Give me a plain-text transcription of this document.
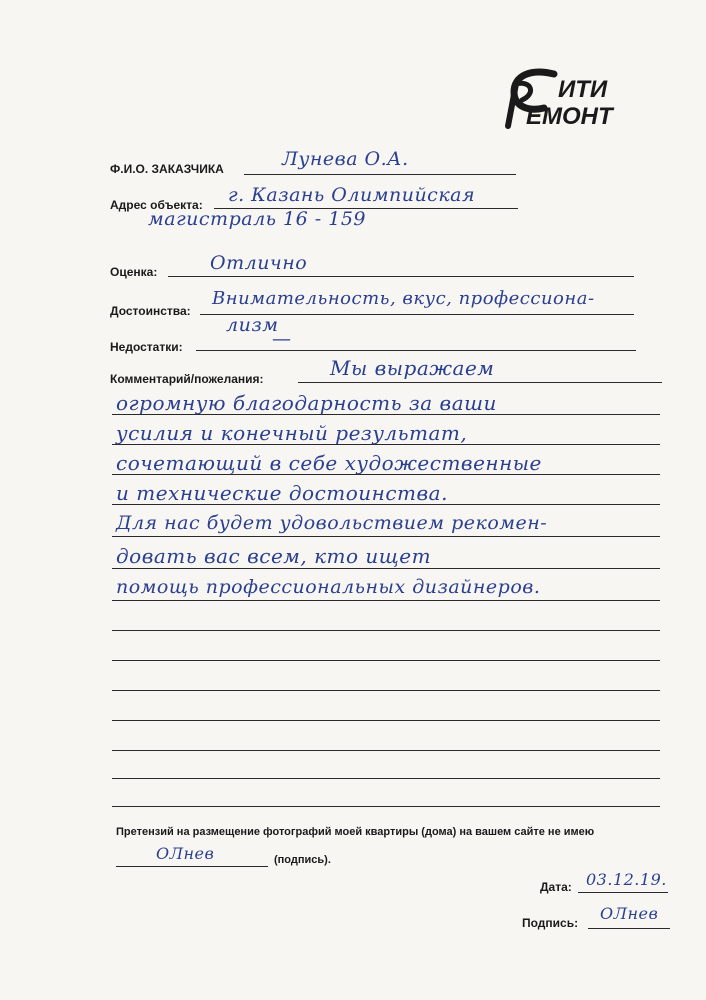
ИТИ
ЕМОНТ
Ф.И.О. ЗАКАЗЧИКА	Лунева О.А.
Адрес объекта: г. Казань Олимпийская
магистраль 16 - 159
Оценка:	Отлично
Достоинства:
Внимательность, вкус, профессиона-
лизм
Недостатки:	—
Комментарий/пожелания:	Мы выражаем
огромную благодарность за ваши
усилия и конечный результат,
сочетающий в себе художественные
и технические достоинства.
Для нас будет удовольствием рекомен-
довать вас всем, кто ищет
помощь профессиональных дизайнеров.
Претензий на размещение фотографий моей квартиры (дома) на вашем сайте не имею
ОЛнев	(подпись).
Дата: 03.12.19.
Подпись: ОЛнев
